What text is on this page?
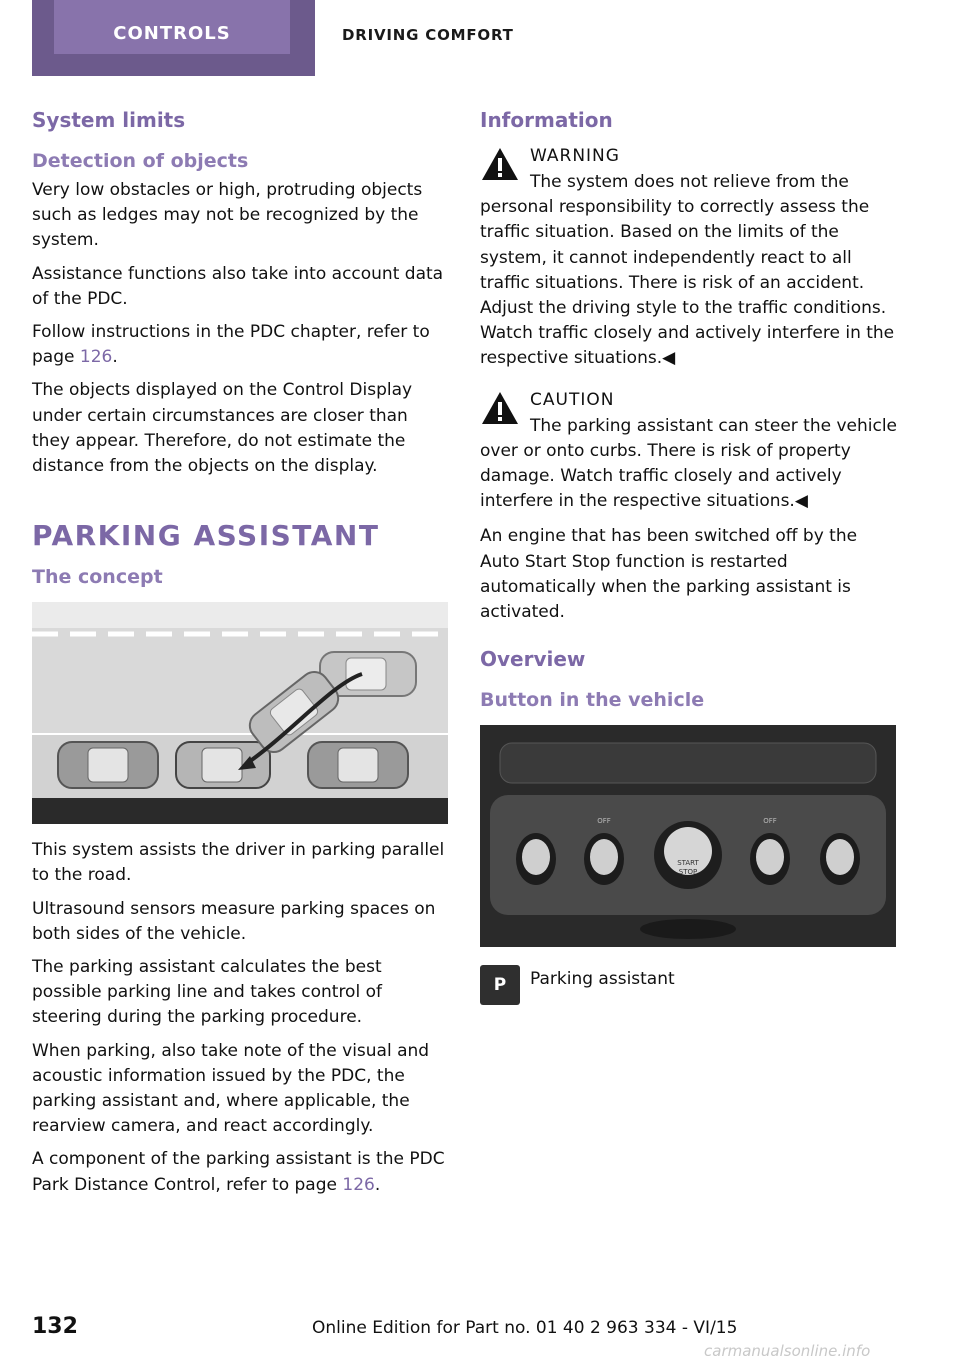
CONTROLS	DRIVING COMFORT
System limits
Detection of objects

Very low obstacles or high, protruding objects such as ledges may not be recognized by the system.

Assistance functions also take into account data of the PDC.

Follow instructions in the PDC chapter, refer to page 126.

The objects displayed on the Control Display under certain circumstances are closer than they appear. Therefore, do not estimate the distance from the objects on the display.

PARKING ASSISTANT
The concept

This system assists the driver in parking parallel to the road.

Ultrasound sensors measure parking spaces on both sides of the vehicle.

The parking assistant calculates the best possible parking line and takes control of steering during the parking procedure.

When parking, also take note of the visual and acoustic information issued by the PDC, the parking assistant and, where applicable, the rearview camera, and react accordingly.

A component of the parking assistant is the PDC Park Distance Control, refer to page 126.

Information
WARNING

The system does not relieve from the personal responsibility to correctly assess the traffic situation. Based on the limits of the system, it cannot independently react to all traffic situations. There is risk of an accident. Adjust the driving style to the traffic conditions. Watch traffic closely and actively interfere in the respective situations.◀

CAUTION

The parking assistant can steer the vehicle over or onto curbs. There is risk of property damage. Watch traffic closely and actively interfere in the respective situations.◀

An engine that has been switched off by the Auto Start Stop function is restarted automatically when the parking assistant is activated.

Overview
Button in the vehicle
START
STOP
OFF	OFF
P Parking assistant
132	Online Edition for Part no. 01 40 2 963 334 - VI/15
carmanualsonline.info
